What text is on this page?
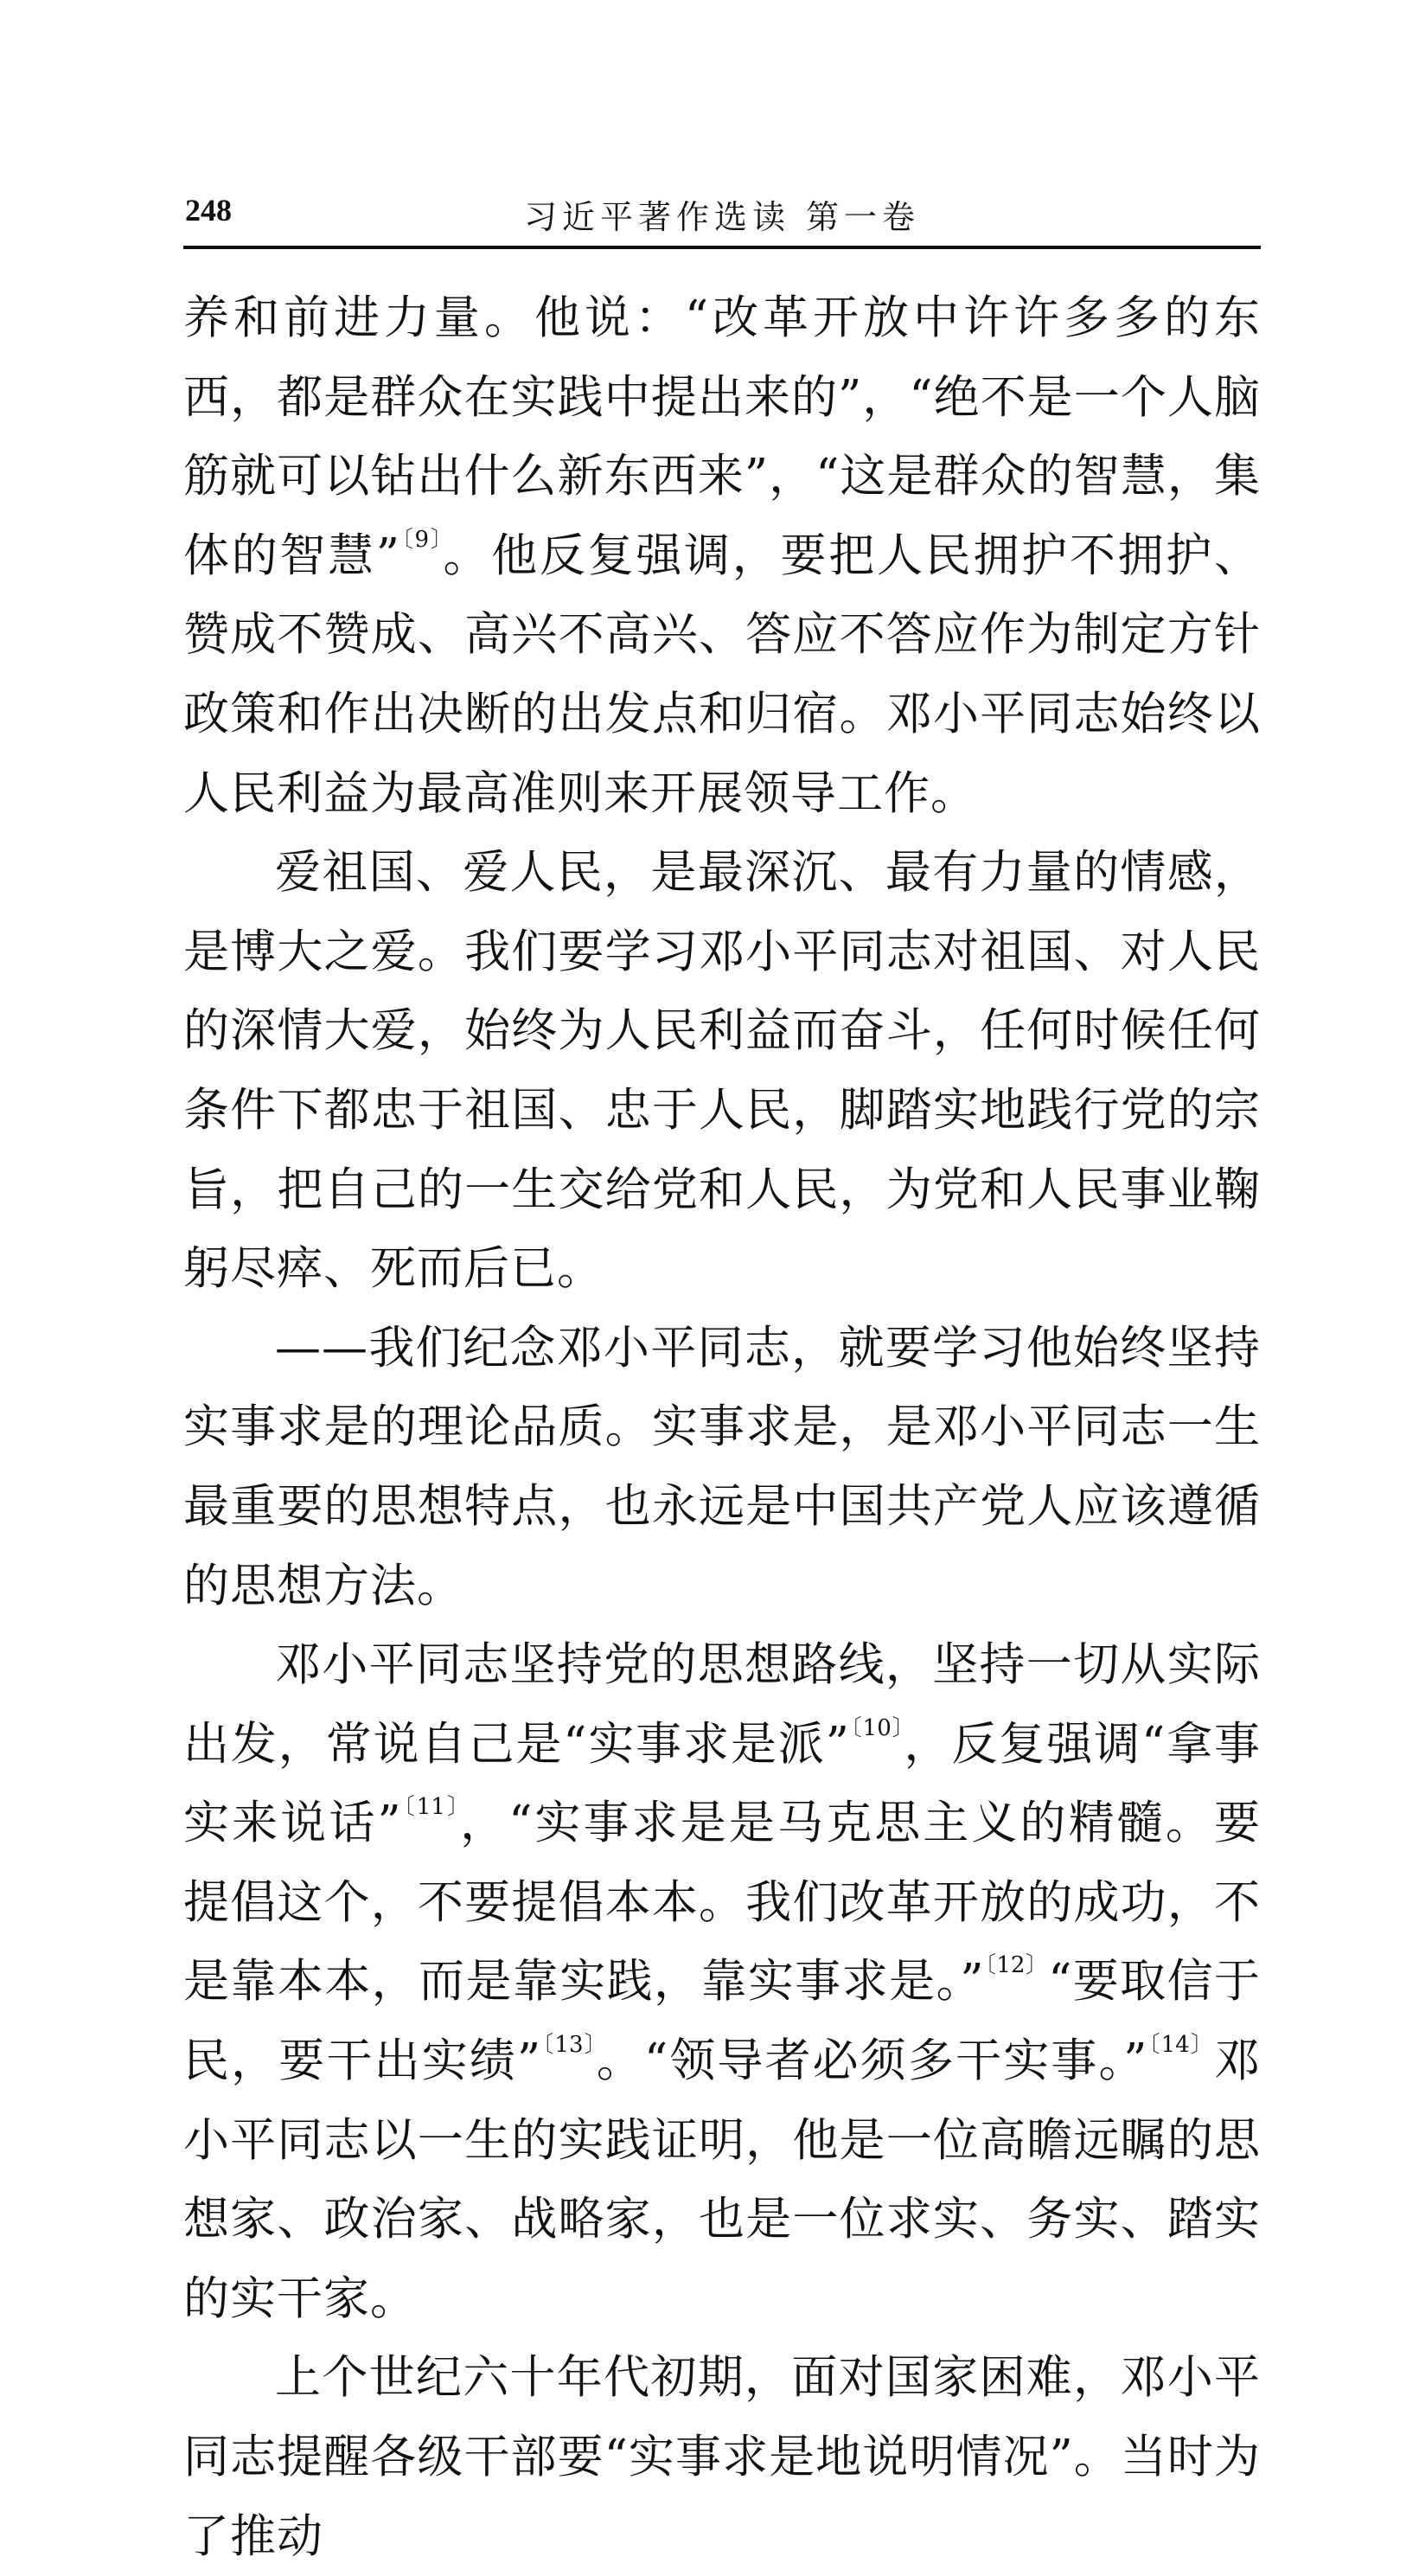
248	习近平著作选读 第一卷

养和前进力量。他说：“改革开放中许许多多的东西，都是群众在实践中提出来的”，“绝不是一个人脑筋就可以钻出什么新东西来”，“这是群众的智慧，集体的智慧”$^{〔9〕}$。他反复强调，要把人民拥护不拥护、赞成不赞成、高兴不高兴、答应不答应作为制定方针政策和作出决断的出发点和归宿。邓小平同志始终以人民利益为最高准则来开展领导工作。

爱祖国、爱人民，是最深沉、最有力量的情感，是博大之爱。我们要学习邓小平同志对祖国、对人民的深情大爱，始终为人民利益而奋斗，任何时候任何条件下都忠于祖国、忠于人民，脚踏实地践行党的宗旨，把自己的一生交给党和人民，为党和人民事业鞠躬尽瘁、死而后已。

——我们纪念邓小平同志，就要学习他始终坚持实事求是的理论品质。实事求是，是邓小平同志一生最重要的思想特点，也永远是中国共产党人应该遵循的思想方法。

邓小平同志坚持党的思想路线，坚持一切从实际出发，常说自己是“实事求是派”$^{〔10〕}$，反复强调“拿事实来说话”$^{〔11〕}$，“实事求是是马克思主义的精髓。要提倡这个，不要提倡本本。我们改革开放的成功，不是靠本本，而是靠实践，靠实事求是。”$^{〔12〕}$“要取信于民，要干出实绩”$^{〔13〕}$。“领导者必须多干实事。”$^{〔14〕}$邓小平同志以一生的实践证明，他是一位高瞻远瞩的思想家、政治家、战略家，也是一位求实、务实、踏实的实干家。

上个世纪六十年代初期，面对国家困难，邓小平同志提醒各级干部要“实事求是地说明情况”。当时为了推动
